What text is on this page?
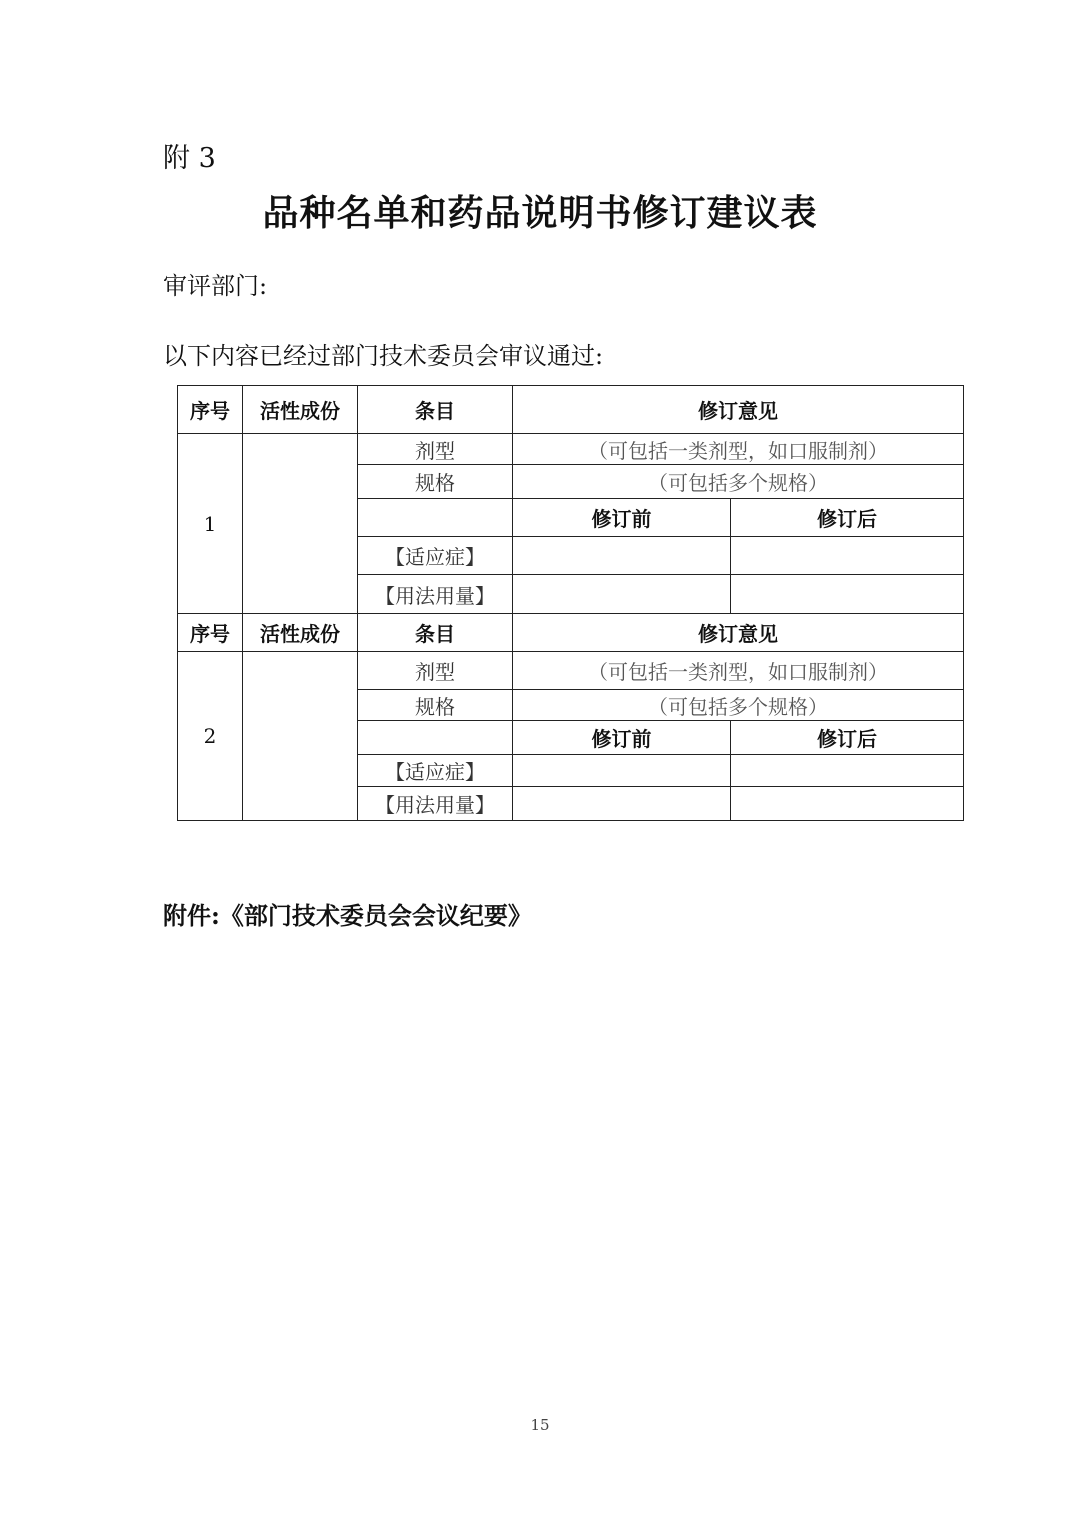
附 3
品种名单和药品说明书修订建议表
审评部门:
以下内容已经过部门技术委员会审议通过:
序号	活性成份	条目	修订意见	
1		剂型	（可包括一类剂型，如口服制剂）	
		规格	（可包括多个规格）	
			修订前	修订后
		【适应症】		
		【用法用量】		
序号	活性成份	条目	修订意见	
2		剂型	（可包括一类剂型，如口服制剂）	
		规格	（可包括多个规格）	
			修订前	修订后
		【适应症】		
		【用法用量】		
附件:《部门技术委员会会议纪要》
15
